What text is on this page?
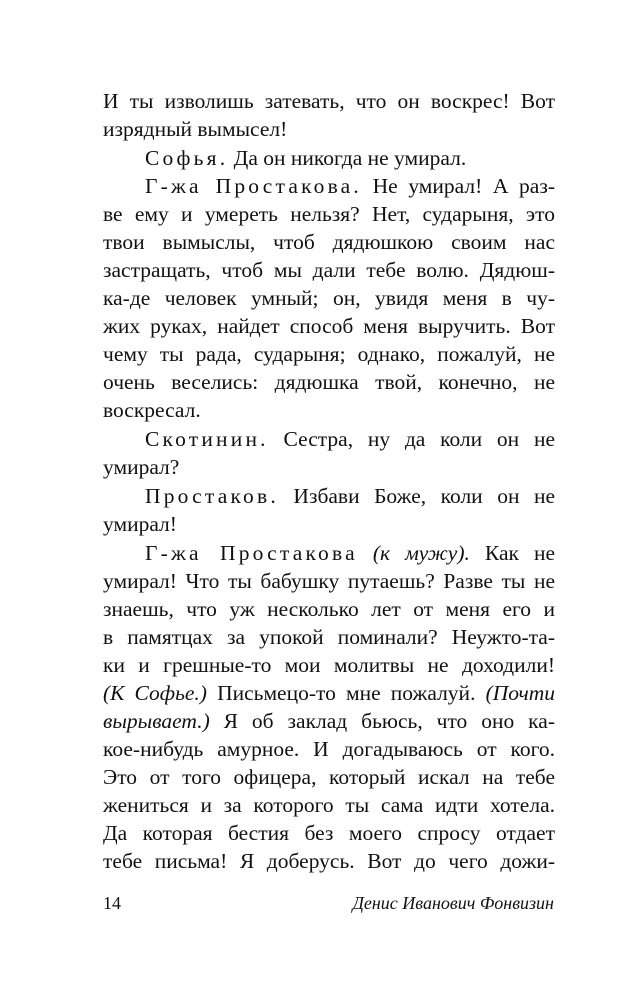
И ты изволишь затевать, что он воскрес! Вот
изрядный вымысел!
Софья. Да он никогда не умирал.
Г-жа Простакова. Не умирал! А раз-
ве ему и умереть нельзя? Нет, сударыня, это
твои вымыслы, чтоб дядюшкою своим нас
застращать, чтоб мы дали тебе волю. Дядюш-
ка-де человек умный; он, увидя меня в чу-
жих руках, найдет способ меня выручить. Вот
чему ты рада, сударыня; однако, пожалуй, не
очень веселись: дядюшка твой, конечно, не
воскресал.
Скотинин. Сестра, ну да коли он не
умирал?
Простаков. Избави Боже, коли он не
умирал!
Г-жа Простакова (к мужу). Как не
умирал! Что ты бабушку путаешь? Разве ты не
знаешь, что уж несколько лет от меня его и
в памятцах за упокой поминали? Неужто-та-
ки и грешные-то мои молитвы не доходили!
(К Софье.) Письмецо-то мне пожалуй. (Почти
вырывает.) Я об заклад бьюсь, что оно ка-
кое-нибудь амурное. И догадываюсь от кого.
Это от того офицера, который искал на тебе
жениться и за которого ты сама идти хотела.
Да которая бестия без моего спросу отдает
тебе письма! Я доберусь. Вот до чего дожи-
14	Денис Иванович Фонвизин
